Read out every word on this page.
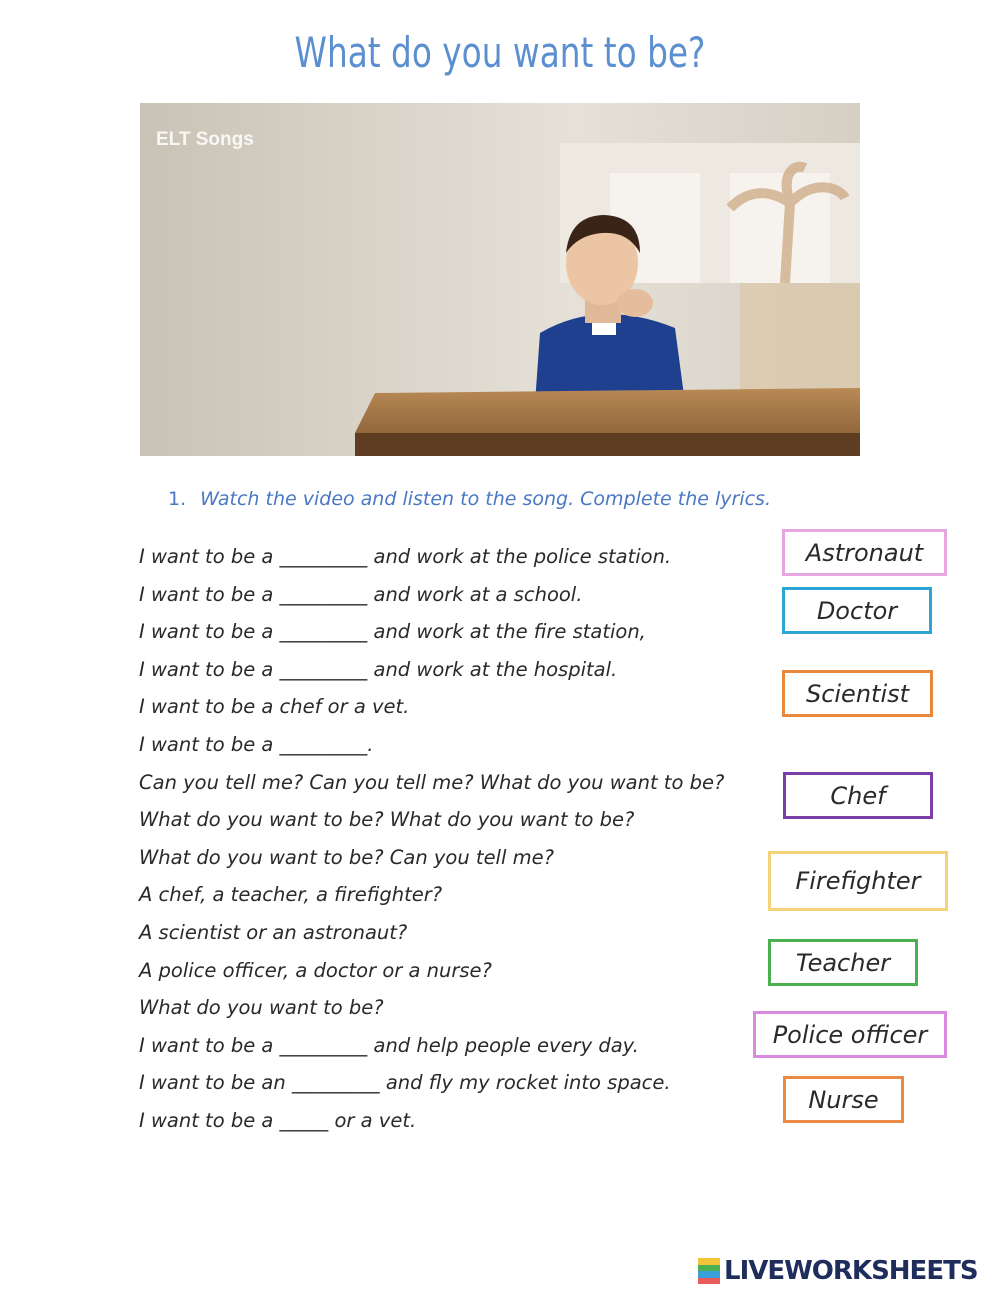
What do you want to be?
ELT Songs
1. Watch the video and listen to the song. Complete the lyrics.
I want to be a _________ and work at the police station.
I want to be a _________ and work at a school.
I want to be a _________ and work at the fire station,
I want to be a _________ and work at the hospital.
I want to be a chef or a vet.
I want to be a _________.
Can you tell me? Can you tell me? What do you want to be?
What do you want to be? What do you want to be?
What do you want to be? Can you tell me?
A chef, a teacher, a firefighter?
A scientist or an astronaut?
A police officer, a doctor or a nurse?
What do you want to be?
I want to be a _________ and help people every day.
I want to be an _________ and fly my rocket into space.
I want to be a _____ or a vet.
Astronaut
Doctor
Scientist
Chef
Firefighter
Teacher
Police officer
Nurse
LIVEWORKSHEETS
